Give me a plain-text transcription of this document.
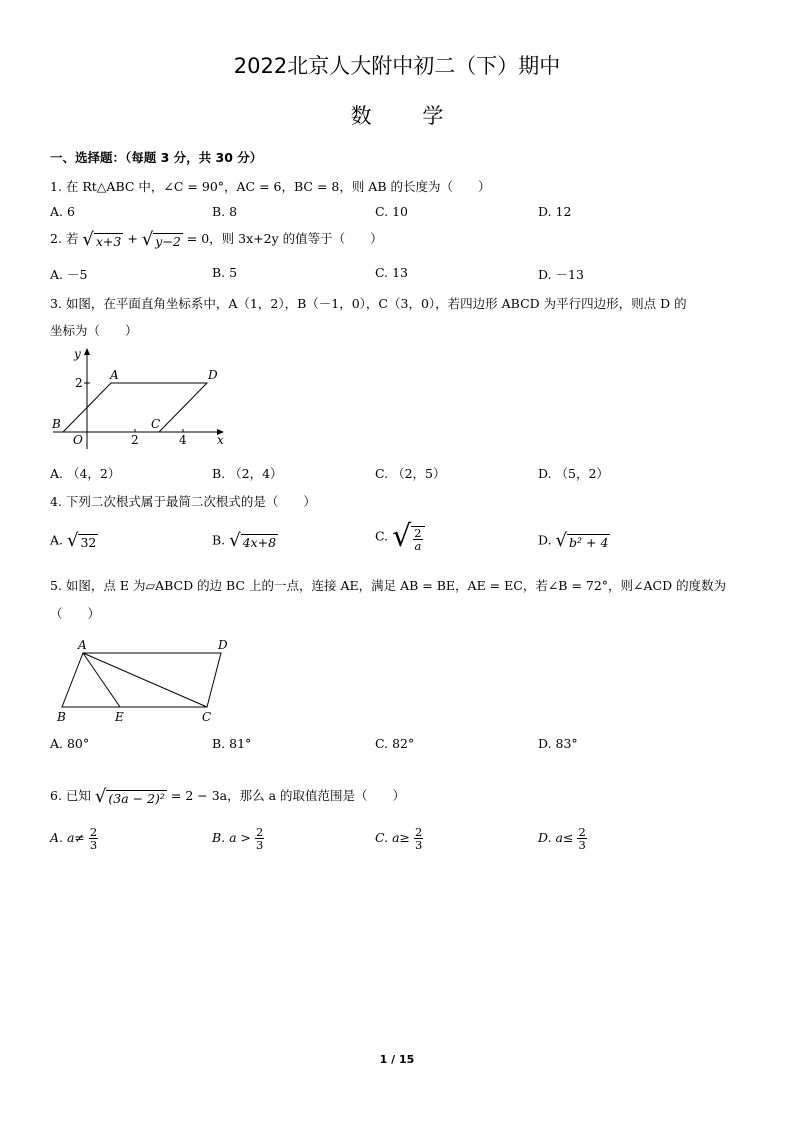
2022北京人大附中初二（下）期中
数 学
一、选择题：（每题 3 分，共 30 分）
1. 在 Rt△ABC 中，∠C = 90°，AC = 6，BC = 8，则 AB 的长度为（　　）
A. 6	B. 8	C. 10	D. 12
2. 若 √ x+3 + √ y−2 = 0，则 3x+2y 的值等于（　　）
A. －5	B. 5	C. 13	D. －13
3. 如图，在平面直角坐标系中，A（1，2），B（－1，0），C（3，0），若四边形 ABCD 为平行四边形，则点 D 的
坐标为（　　）
y
2
A	D
B	C
O	2	4	x
A. （4，2）	B. （2，4）	C. （2，5）	D. （5，2）
4. 下列二次根式属于最简二次根式的是（　　）
A. √ 32	B. √ 4x+8	C. √ $\frac{2}{a}$	D. √ b² + 4
5. 如图，点 E 为▱ABCD 的边 BC 上的一点，连接 AE，满足 AB = BE，AE = EC，若∠B = 72°，则∠ACD 的度数为
（　　）
A	D
B	E	C
A. 80°	B. 81°	C. 82°	D. 83°
6. 已知 √ (3a − 2)² = 2 − 3a，那么 a 的取值范围是（　　）
A. $a\ne \frac{2}{3}$	B. $a > \frac{2}{3}$	C. $a\ge \frac{2}{3}$	D. $a\le \frac{2}{3}$
1 / 15
